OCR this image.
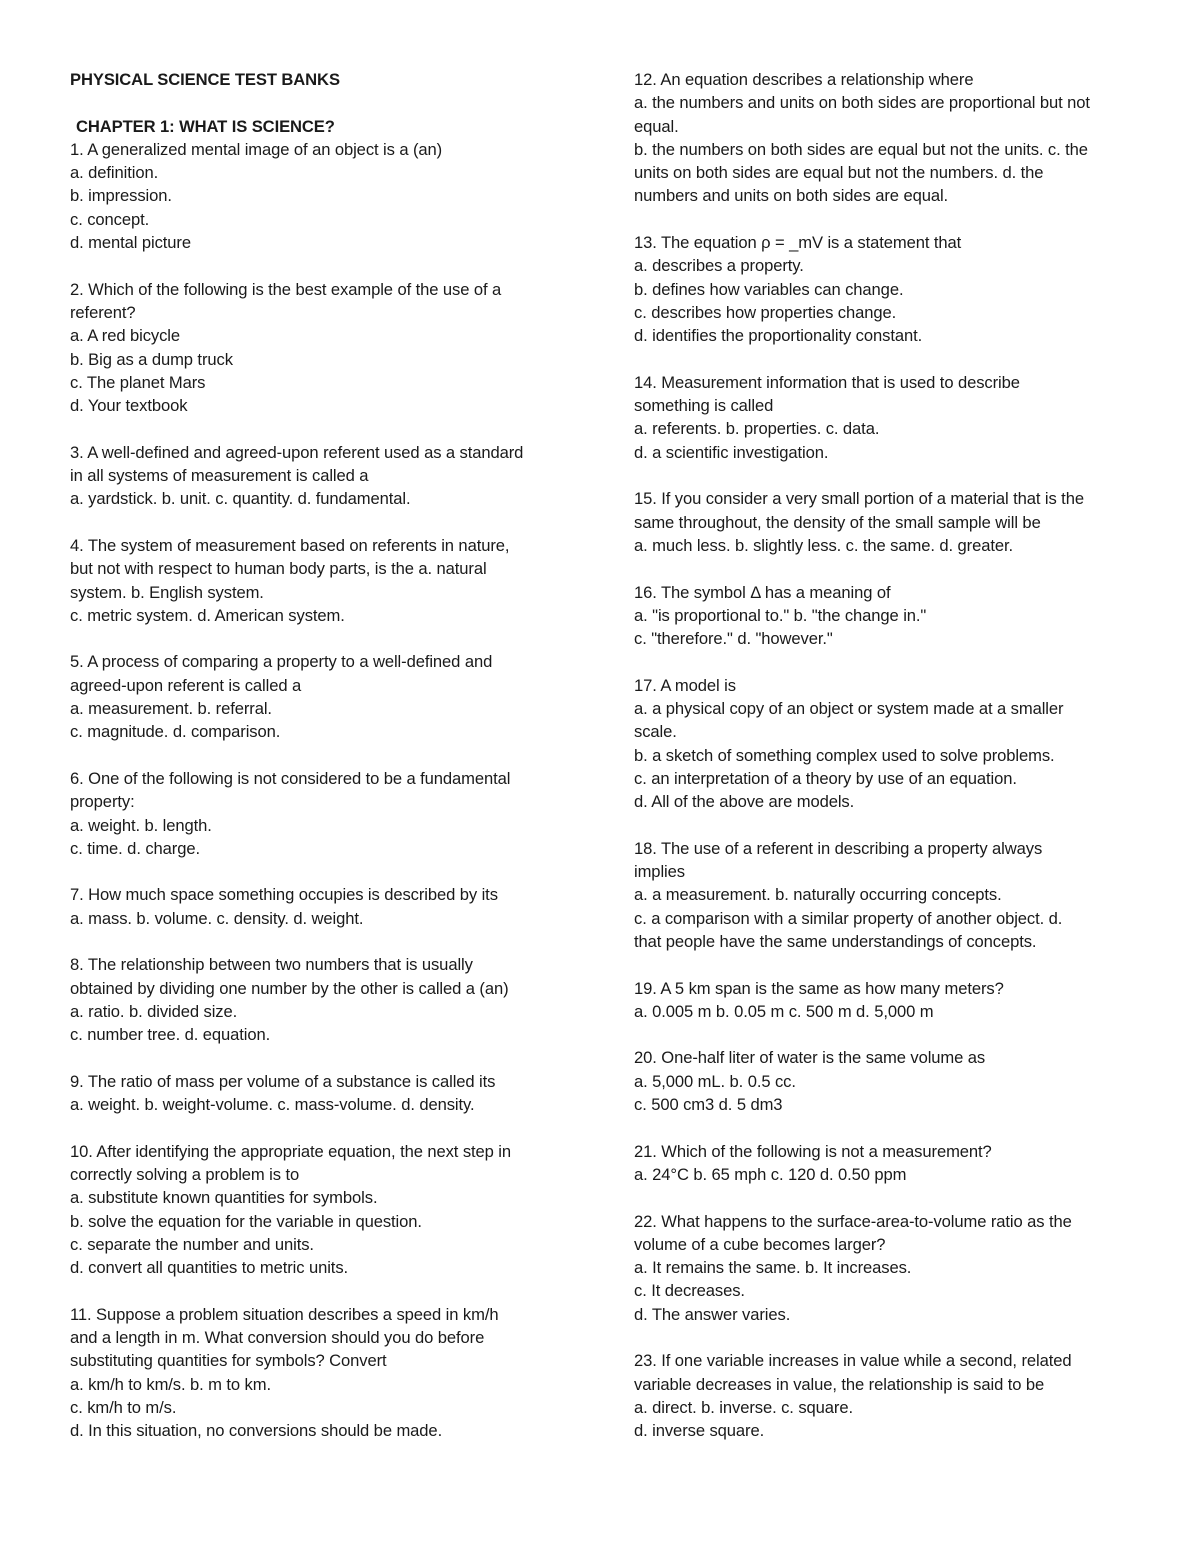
PHYSICAL SCIENCE TEST BANKS
CHAPTER 1: WHAT IS SCIENCE?
1. A generalized mental image of an object is a (an)
a. definition.
b. impression.
c. concept.
d. mental picture
2. Which of the following is the best example of the use of a
referent?
a. A red bicycle
b. Big as a dump truck
c. The planet Mars
d. Your textbook
3. A well-defined and agreed-upon referent used as a standard
in all systems of measurement is called a
a. yardstick. b. unit. c. quantity. d. fundamental.
4. The system of measurement based on referents in nature,
but not with respect to human body parts, is the a. natural
system. b. English system.
c. metric system. d. American system.
5. A process of comparing a property to a well-defined and
agreed-upon referent is called a
a. measurement. b. referral.
c. magnitude. d. comparison.
6. One of the following is not considered to be a fundamental
property:
a. weight. b. length.
c. time. d. charge.
7. How much space something occupies is described by its
a. mass. b. volume. c. density. d. weight.
8. The relationship between two numbers that is usually
obtained by dividing one number by the other is called a (an)
a. ratio. b. divided size.
c. number tree. d. equation.
9. The ratio of mass per volume of a substance is called its
a. weight. b. weight-volume. c. mass-volume. d. density.
10. After identifying the appropriate equation, the next step in
correctly solving a problem is to
a. substitute known quantities for symbols.
b. solve the equation for the variable in question.
c. separate the number and units.
d. convert all quantities to metric units.
11. Suppose a problem situation describes a speed in km/h
and a length in m. What conversion should you do before
substituting quantities for symbols? Convert
a. km/h to km/s. b. m to km.
c. km/h to m/s.
d. In this situation, no conversions should be made.
12. An equation describes a relationship where
a. the numbers and units on both sides are proportional but not
equal.
b. the numbers on both sides are equal but not the units. c. the
units on both sides are equal but not the numbers. d. the
numbers and units on both sides are equal.
13. The equation ρ = _mV is a statement that
a. describes a property.
b. defines how variables can change.
c. describes how properties change.
d. identifies the proportionality constant.
14. Measurement information that is used to describe
something is called
a. referents. b. properties. c. data.
d. a scientific investigation.
15. If you consider a very small portion of a material that is the
same throughout, the density of the small sample will be
a. much less. b. slightly less. c. the same. d. greater.
16. The symbol Δ has a meaning of
a. "is proportional to." b. "the change in."
c. "therefore." d. "however."
17. A model is
a. a physical copy of an object or system made at a smaller
scale.
b. a sketch of something complex used to solve problems.
c. an interpretation of a theory by use of an equation.
d. All of the above are models.
18. The use of a referent in describing a property always
implies
a. a measurement. b. naturally occurring concepts.
c. a comparison with a similar property of another object. d.
that people have the same understandings of concepts.
19. A 5 km span is the same as how many meters?
a. 0.005 m b. 0.05 m c. 500 m d. 5,000 m
20. One-half liter of water is the same volume as
a. 5,000 mL. b. 0.5 cc.
c. 500 cm3 d. 5 dm3
21. Which of the following is not a measurement?
a. 24°C b. 65 mph c. 120 d. 0.50 ppm
22. What happens to the surface-area-to-volume ratio as the
volume of a cube becomes larger?
a. It remains the same. b. It increases.
c. It decreases.
d. The answer varies.
23. If one variable increases in value while a second, related
variable decreases in value, the relationship is said to be
a. direct. b. inverse. c. square.
d. inverse square.
